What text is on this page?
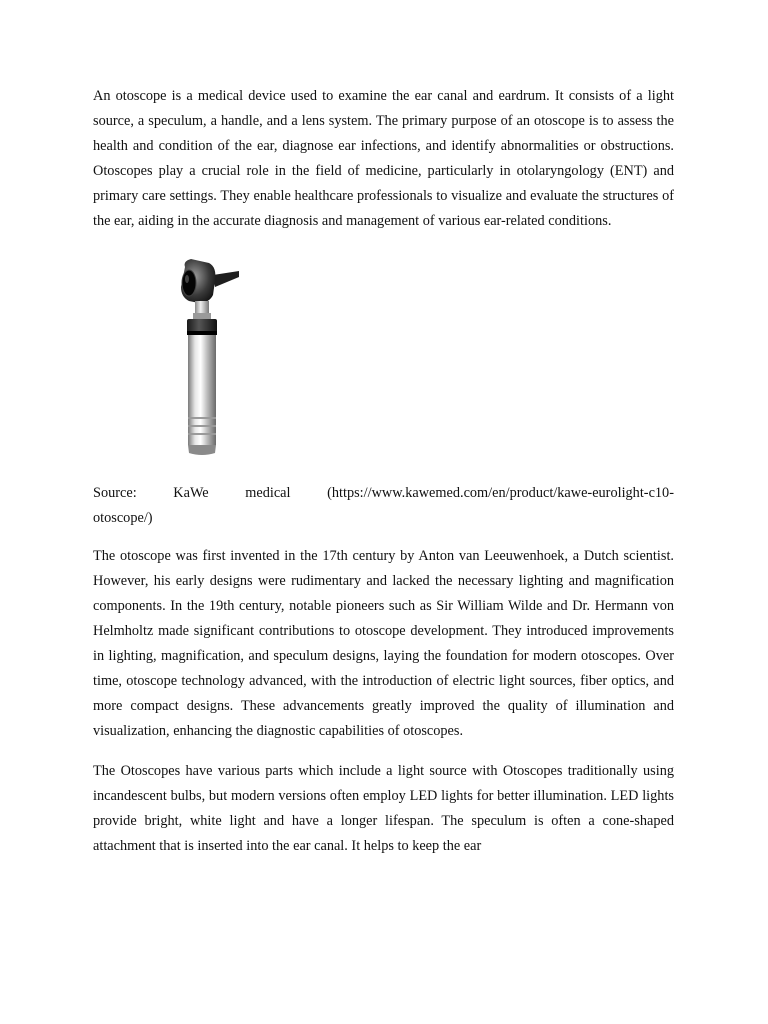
An otoscope is a medical device used to examine the ear canal and eardrum. It consists of a light source, a speculum, a handle, and a lens system. The primary purpose of an otoscope is to assess the health and condition of the ear, diagnose ear infections, and identify abnormalities or obstructions. Otoscopes play a crucial role in the field of medicine, particularly in otolaryngology (ENT) and primary care settings. They enable healthcare professionals to visualize and evaluate the structures of the ear, aiding in the accurate diagnosis and management of various ear-related conditions.

Source:	KaWe	medical	(https://www.kawemed.com/en/product/kawe-eurolight-c10-
otoscope/)

The otoscope was first invented in the 17th century by Anton van Leeuwenhoek, a Dutch scientist. However, his early designs were rudimentary and lacked the necessary lighting and magnification components. In the 19th century, notable pioneers such as Sir William Wilde and Dr. Hermann von Helmholtz made significant contributions to otoscope development. They introduced improvements in lighting, magnification, and speculum designs, laying the foundation for modern otoscopes. Over time, otoscope technology advanced, with the introduction of electric light sources, fiber optics, and more compact designs. These advancements greatly improved the quality of illumination and visualization, enhancing the diagnostic capabilities of otoscopes.

The Otoscopes have various parts which include a light source with Otoscopes traditionally using incandescent bulbs, but modern versions often employ LED lights for better illumination. LED lights provide bright, white light and have a longer lifespan. The speculum is often a cone-shaped attachment that is inserted into the ear canal. It helps to keep the ear
